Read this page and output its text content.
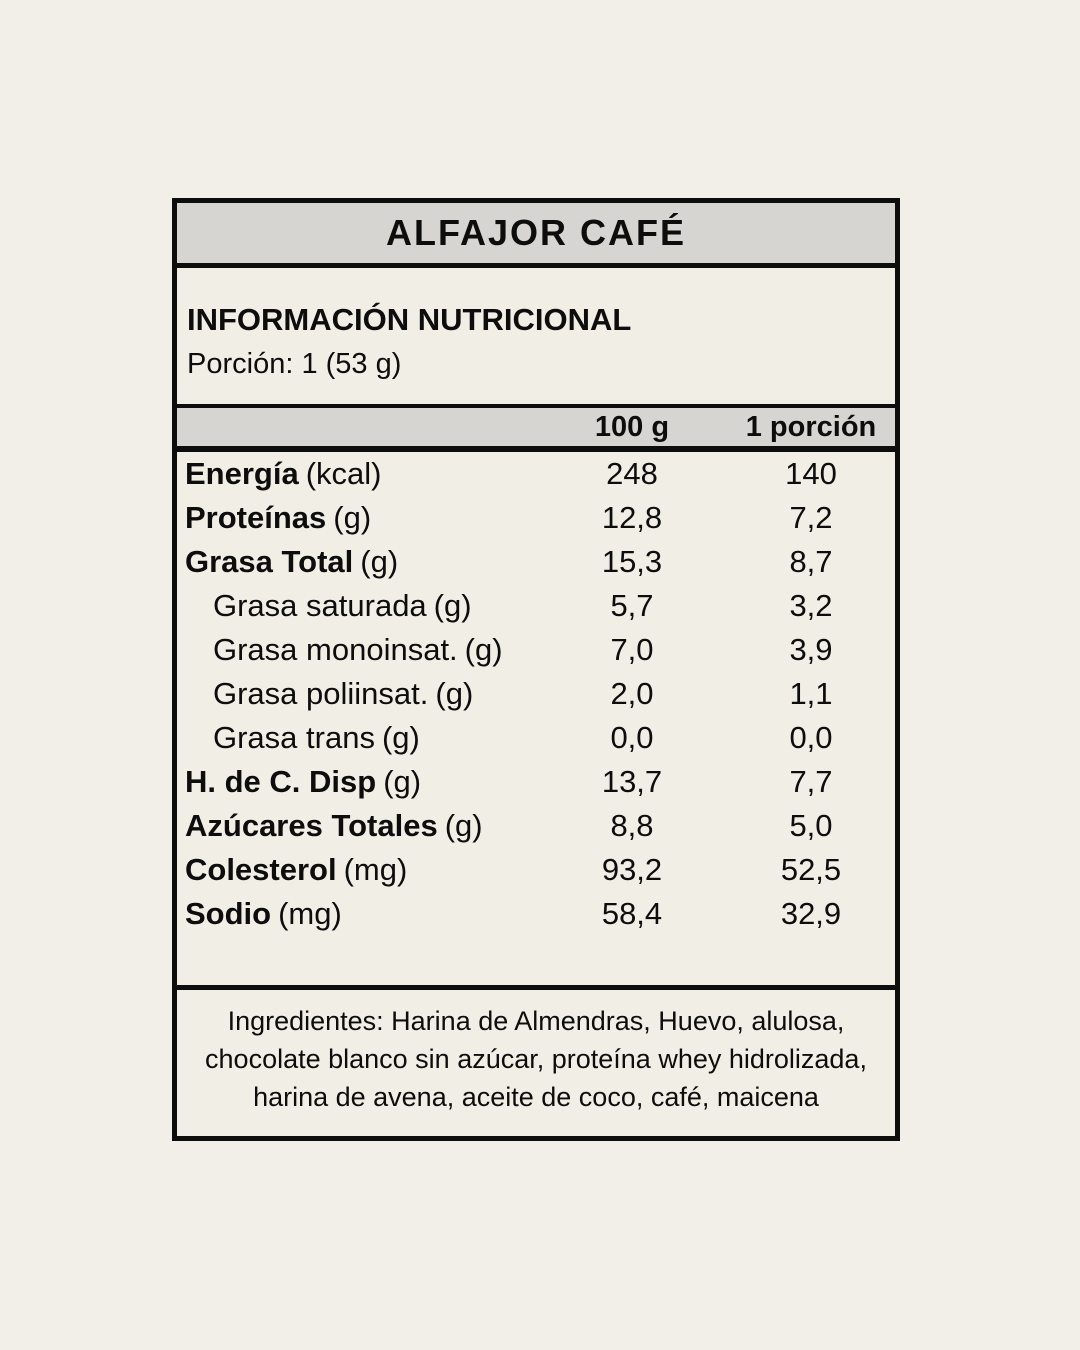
ALFAJOR CAFÉ
INFORMACIÓN NUTRICIONAL
Porción: 1 (53 g)
100 g	1 porción
Energía (kcal)	248	140
Proteínas (g)	12,8	7,2
Grasa Total (g)	15,3	8,7
Grasa saturada (g)	5,7	3,2
Grasa monoinsat. (g)	7,0	3,9
Grasa poliinsat. (g)	2,0	1,1
Grasa trans (g)	0,0	0,0
H. de C. Disp (g)	13,7	7,7
Azúcares Totales (g)	8,8	5,0
Colesterol (mg)	93,2	52,5
Sodio (mg)	58,4	32,9
Ingredientes: Harina de Almendras, Huevo, alulosa,
chocolate blanco sin azúcar, proteína whey hidrolizada,
harina de avena, aceite de coco, café, maicena
